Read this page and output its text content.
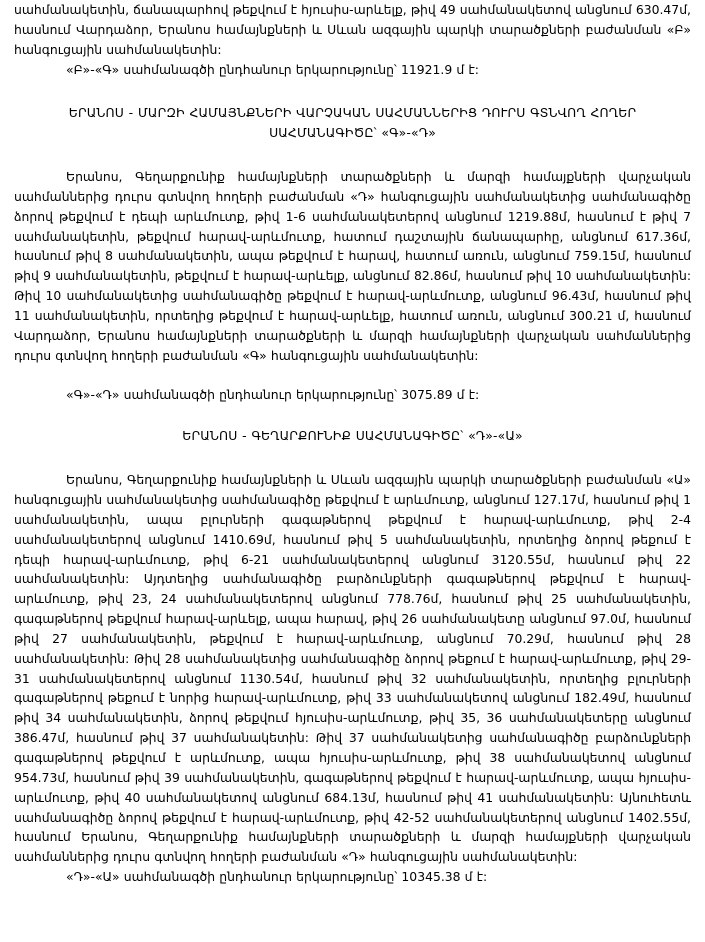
սահմանակետին, ճանապարհով թեքվում է հյուսիս-արևելք, թիվ 49 սահմանակետով անցնում 630.47մ, հասնում Վարդաձոր, Երանոս համայնքների և Սևան ազգային պարկի տարածքների բաժանման «Բ» հանգուցային սահմանակետին:

«Բ»-«Գ» սահմանագծի ընդհանուր երկարությունը՝ 11921.9 մ է:

ԵՐԱՆՈՍ - ՄԱՐԶԻ ՀԱՄԱՅՆՔՆԵՐԻ ՎԱՐՉԱԿԱՆ ՍԱՀՄԱՆՆԵՐԻՑ ԴՈՒՐՍ ԳՏՆՎՈՂ ՀՈՂԵՐ

ՍԱՀՄԱՆԱԳԻԾԸ՝ «Գ»-«Դ»

Երանոս, Գեղարքունիք համայնքների տարածքների և մարզի համայքների վարչական սահմաններից դուրս գտնվող հողերի բաժանման «Դ» հանգուցային սահմանակետից սահմանագիծը ձորով թեքվում է դեպի արևմուտք, թիվ 1-6 սահմանակետերով անցնում 1219.88մ, հասնում է թիվ 7 սահմանակետին, թեքվում հարավ-արևմուտք, հատում դաշտային ճանապարհը, անցնում 617.36մ, հասնում թիվ 8 սահմանակետին, ապա թեքվում է հարավ, հատում առուն, անցնում 759.15մ, հասնում թիվ 9 սահմանակետին, թեքվում է հարավ-արևելք, անցնում 82.86մ, հասնում թիվ 10 սահմանակետին: Թիվ 10 սահմանակետից սահմանագիծը թեքվում է հարավ-արևմուտք, անցնում 96.43մ, հասնում թիվ 11 սահմանակետին, որտեղից թեքվում է հարավ-արևելք, հատում առուն, անցնում 300.21 մ, հասնում Վարդաձոր, Երանոս համայնքների տարածքների և մարզի համայնքների վարչական սահմաններից դուրս գտնվող հողերի բաժանման «Գ» հանգուցային սահմանակետին:

«Գ»-«Դ» սահմանագծի ընդհանուր երկարությունը՝ 3075.89 մ է:

ԵՐԱՆՈՍ - ԳԵՂԱՐՔՈՒՆԻՔ ՍԱՀՄԱՆԱԳԻԾԸ՝ «Դ»-«Ա»

Երանոս, Գեղարքունիք համայնքների և Սևան ազգային պարկի տարածքների բաժանման «Ա» հանգուցային սահմանակետից սահմանագիծը թեքվում է արևմուտք, անցնում 127.17մ, հասնում թիվ 1 սահմանակետին, ապա բլուրների գագաթներով թեքվում է հարավ-արևմուտք, թիվ 2-4 սահմանակետերով անցնում 1410.69մ, հասնում թիվ 5 սահմանակետին, որտեղից ձորով թեքում է դեպի հարավ-արևմուտք, թիվ 6-21 սահմանակետերով անցնում 3120.55մ, հասնում թիվ 22 սահմանակետին: Այդտեղից սահմանագիծը բարձունքների գագաթներով թեքվում է հարավ-արևմուտք, թիվ 23, 24 սահմանակետերով անցնում 778.76մ, հասնում թիվ 25 սահմանակետին, գագաթներով թեքվում հարավ-արևելք, ապա հարավ, թիվ 26 սահմանակետը անցնում 97.0մ, հասնում թիվ 27 սահմանակետին, թեքվում է հարավ-արևմուտք, անցնում 70.29մ, հասնում թիվ 28 սահմանակետին: Թիվ 28 սահմանակետից սահմանագիծը ձորով թեքում է հարավ-արևմուտք, թիվ 29-31 սահմանակետերով անցնում 1130.54մ, հասնում թիվ 32 սահմանակետին, որտեղից բլուրների գագաթներով թեքում է նորից հարավ-արևմուտք, թիվ 33 սահմանակետով անցնում 182.49մ, հասնում թիվ 34 սահմանակետին, ձորով թեքվում հյուսիս-արևմուտք, թիվ 35, 36 սահմանակետերը անցնում 386.47մ, հասնում թիվ 37 սահմանակետին: Թիվ 37 սահմանակետից սահմանագիծը բարձունքների գագաթներով թեքվում է արևմուտք, ապա հյուսիս-արևմուտք, թիվ 38 սահմանակետով անցնում 954.73մ, հասնում թիվ 39 սահմանակետին, գագաթներով թեքվում է հարավ-արևմուտք, ապա հյուսիս-արևմուտք, թիվ 40 սահմանակետով անցնում 684.13մ, հասնում թիվ 41 սահմանակետին: Այնուհետև սահմանագիծը ձորով թեքվում է հարավ-արևմուտք, թիվ 42-52 սահմանակետերով անցնում 1402.55մ, հասնում Երանոս, Գեղարքունիք համայնքների տարածքների և մարզի համայքների վարչական սահմաններից դուրս գտնվող հողերի բաժանման «Դ» հանգուցային սահմանակետին:

«Դ»-«Ա» սահմանագծի ընդհանուր երկարությունը՝ 10345.38 մ է:
